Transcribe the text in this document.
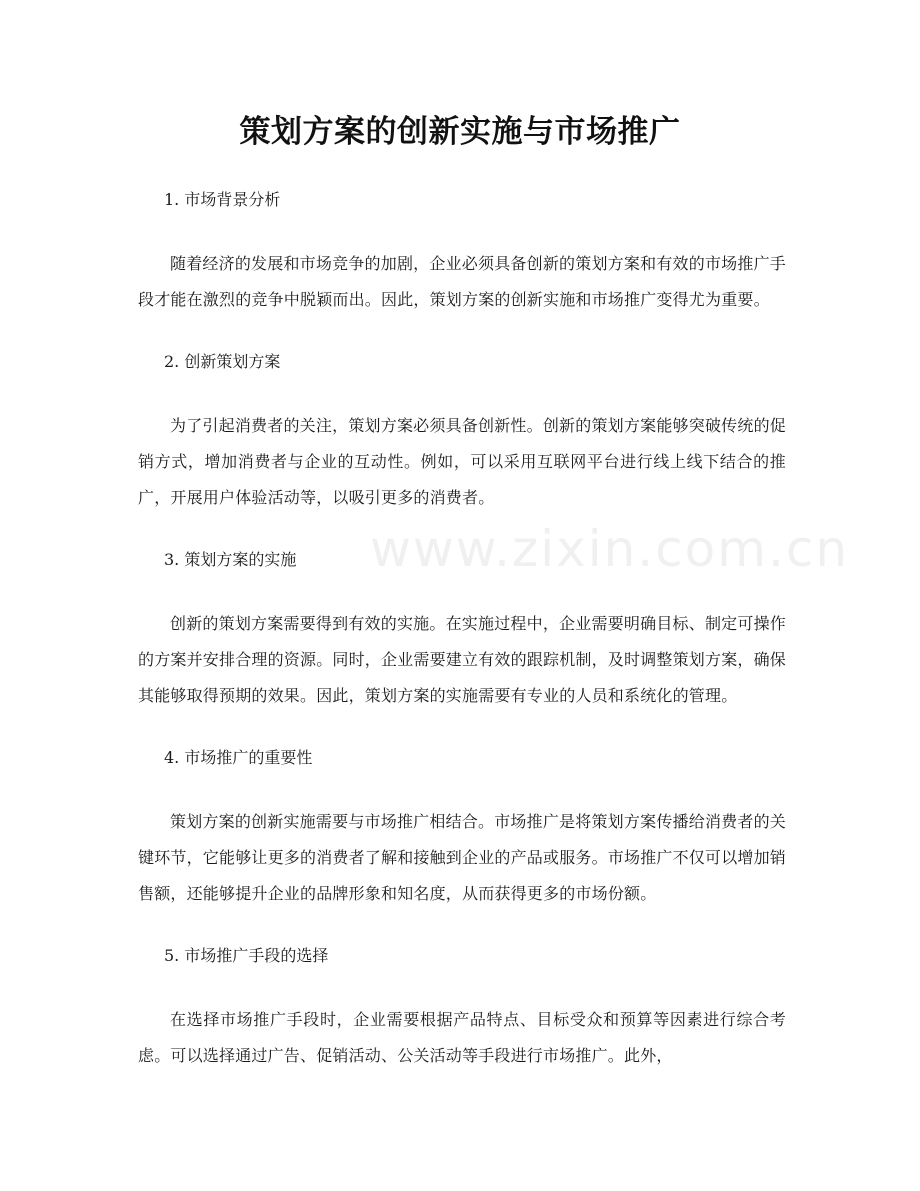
策划方案的创新实施与市场推广
www.zixin.com.cn

1. 市场背景分析

随着经济的发展和市场竞争的加剧，企业必须具备创新的策划方案和有效的市场推广手段才能在激烈的竞争中脱颖而出。因此，策划方案的创新实施和市场推广变得尤为重要。

2. 创新策划方案

为了引起消费者的关注，策划方案必须具备创新性。创新的策划方案能够突破传统的促销方式，增加消费者与企业的互动性。例如，可以采用互联网平台进行线上线下结合的推广，开展用户体验活动等，以吸引更多的消费者。

3. 策划方案的实施

创新的策划方案需要得到有效的实施。在实施过程中，企业需要明确目标、制定可操作的方案并安排合理的资源。同时，企业需要建立有效的跟踪机制，及时调整策划方案，确保其能够取得预期的效果。因此，策划方案的实施需要有专业的人员和系统化的管理。

4. 市场推广的重要性

策划方案的创新实施需要与市场推广相结合。市场推广是将策划方案传播给消费者的关键环节，它能够让更多的消费者了解和接触到企业的产品或服务。市场推广不仅可以增加销售额，还能够提升企业的品牌形象和知名度，从而获得更多的市场份额。

5. 市场推广手段的选择

在选择市场推广手段时，企业需要根据产品特点、目标受众和预算等因素进行综合考虑。可以选择通过广告、促销活动、公关活动等手段进行市场推广。此外，
